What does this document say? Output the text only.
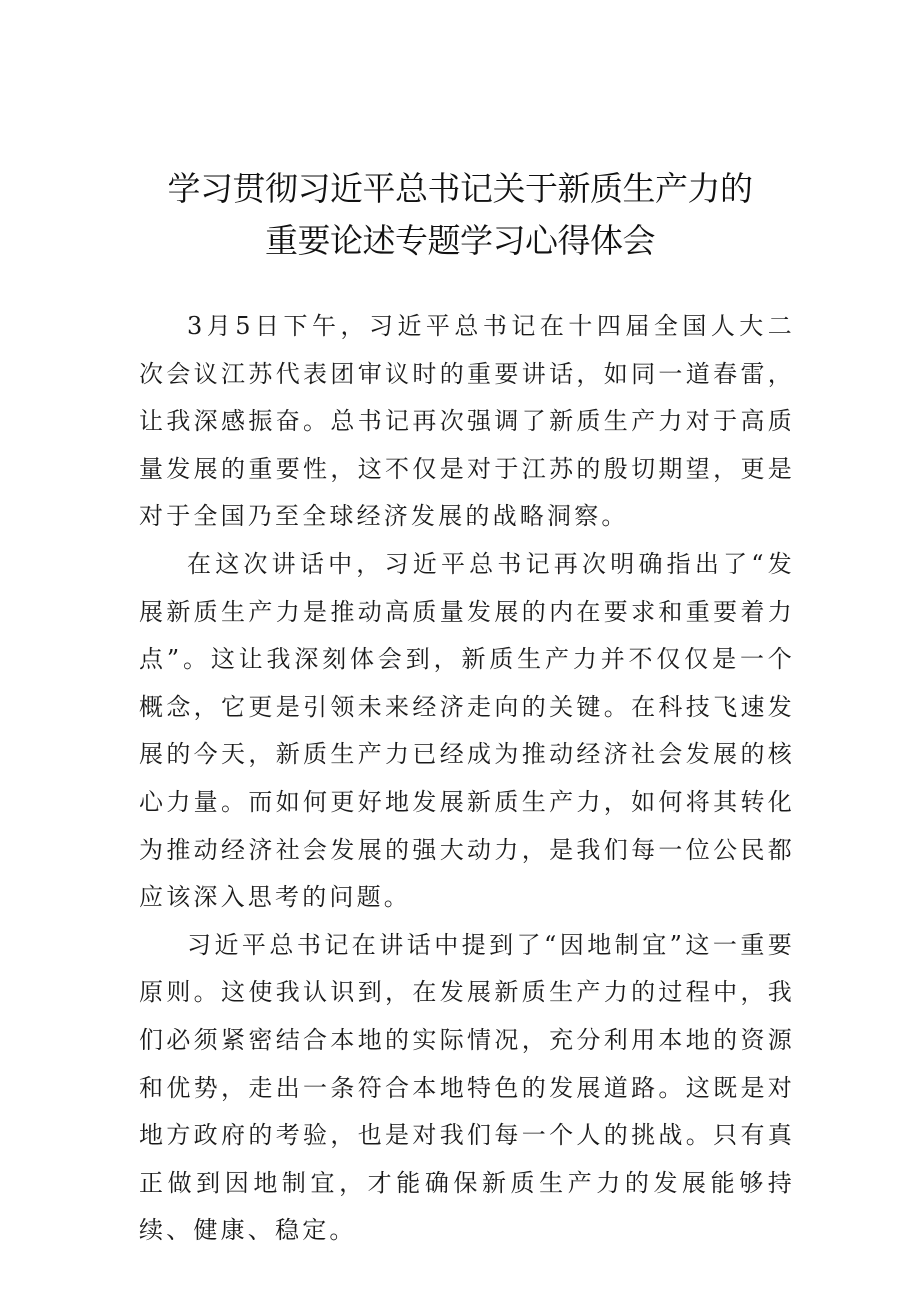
学习贯彻习近平总书记关于新质生产力的
重要论述专题学习心得体会

3月5日下午，习近平总书记在十四届全国人大二次会议江苏代表团审议时的重要讲话，如同一道春雷，让我深感振奋。总书记再次强调了新质生产力对于高质量发展的重要性，这不仅是对于江苏的殷切期望，更是对于全国乃至全球经济发展的战略洞察。

在这次讲话中，习近平总书记再次明确指出了“发展新质生产力是推动高质量发展的内在要求和重要着力点”。这让我深刻体会到，新质生产力并不仅仅是一个概念，它更是引领未来经济走向的关键。在科技飞速发展的今天，新质生产力已经成为推动经济社会发展的核心力量。而如何更好地发展新质生产力，如何将其转化为推动经济社会发展的强大动力，是我们每一位公民都应该深入思考的问题。

习近平总书记在讲话中提到了“因地制宜”这一重要原则。这使我认识到，在发展新质生产力的过程中，我们必须紧密结合本地的实际情况，充分利用本地的资源和优势，走出一条符合本地特色的发展道路。这既是对地方政府的考验，也是对我们每一个人的挑战。只有真正做到因地制宜，才能确保新质生产力的发展能够持续、健康、稳定。
